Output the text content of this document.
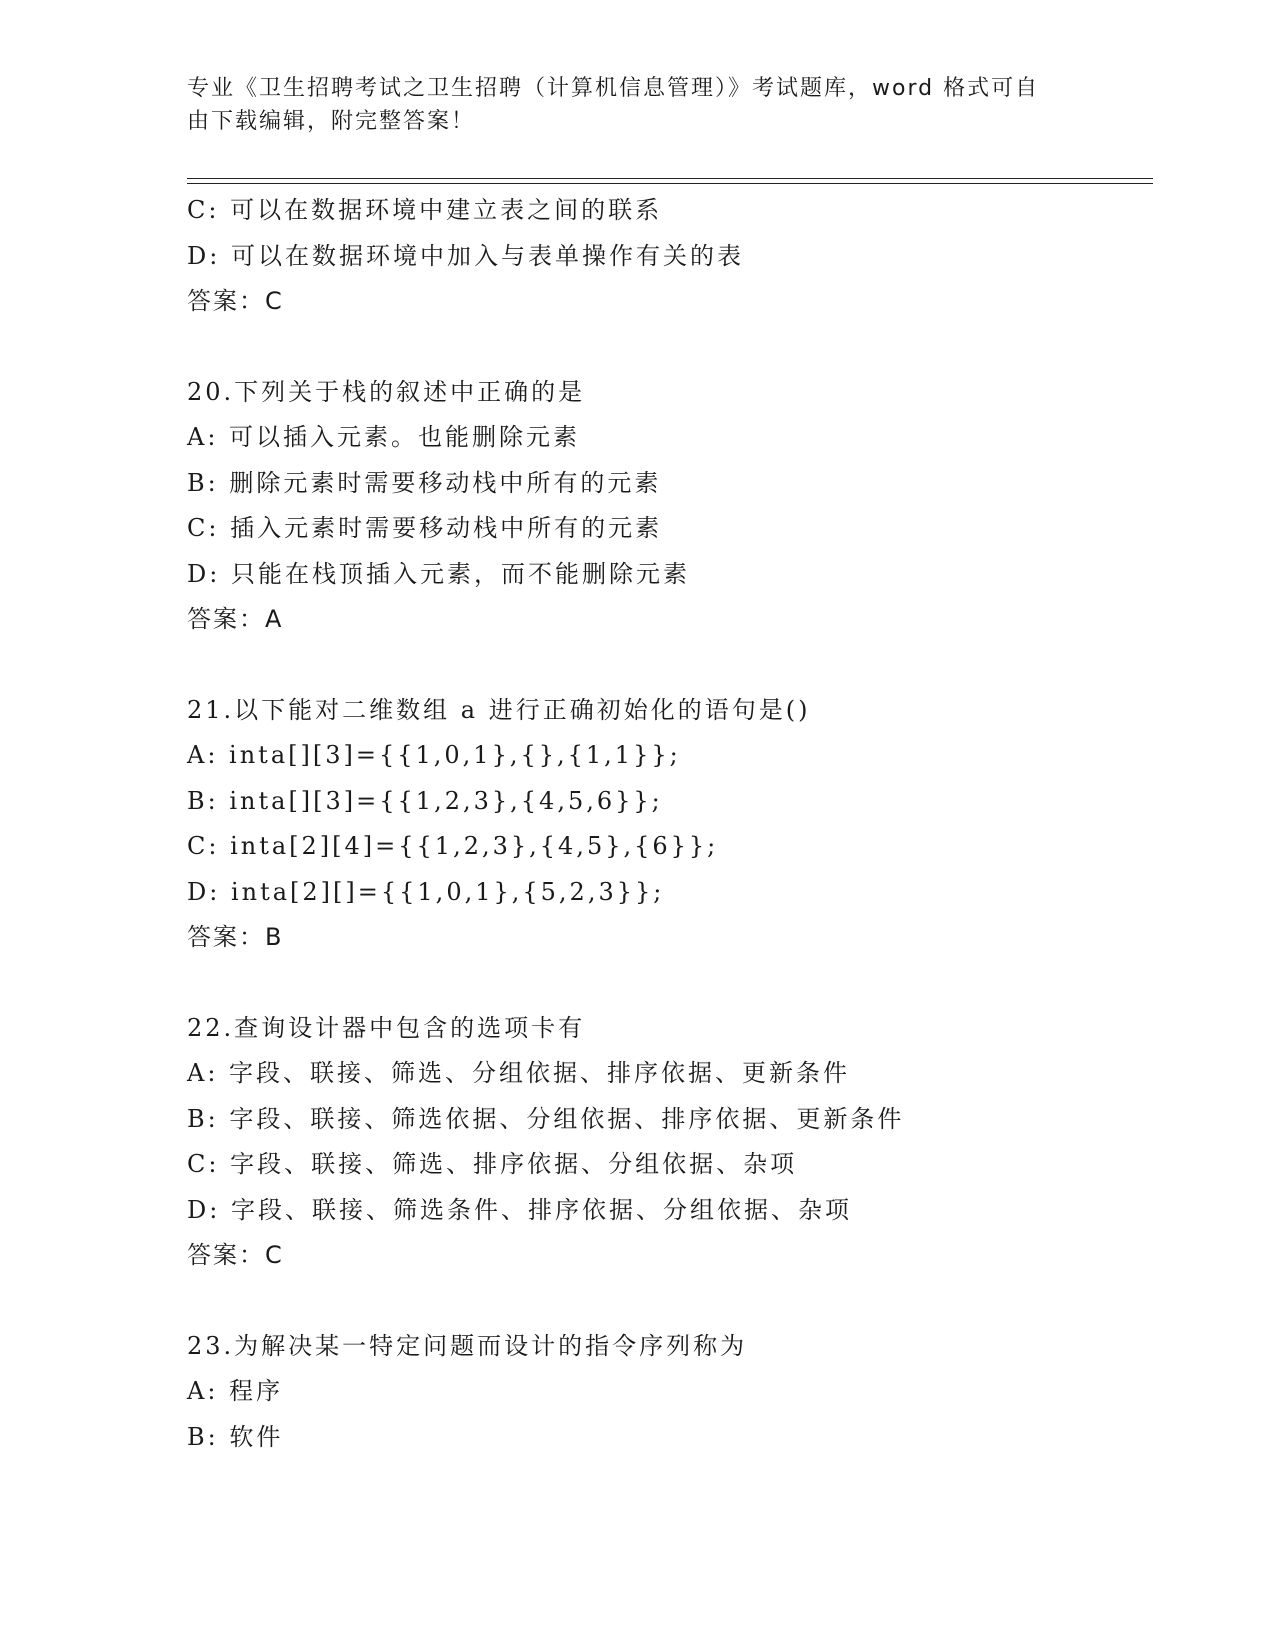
专业《卫生招聘考试之卫生招聘（计算机信息管理）》考试题库，word 格式可自
由下载编辑，附完整答案！
C: 可以在数据环境中建立表之间的联系
D: 可以在数据环境中加入与表单操作有关的表
答案：C
20.下列关于栈的叙述中正确的是
A: 可以插入元素。也能删除元素
B: 删除元素时需要移动栈中所有的元素
C: 插入元素时需要移动栈中所有的元素
D: 只能在栈顶插入元素，而不能删除元素
答案：A
21.以下能对二维数组 a 进行正确初始化的语句是()
A: inta[][3]={{1,0,1},{},{1,1}};
B: inta[][3]={{1,2,3},{4,5,6}};
C: inta[2][4]={{1,2,3},{4,5},{6}};
D: inta[2][]={{1,0,1},{5,2,3}};
答案：B
22.查询设计器中包含的选项卡有
A: 字段、联接、筛选、分组依据、排序依据、更新条件
B: 字段、联接、筛选依据、分组依据、排序依据、更新条件
C: 字段、联接、筛选、排序依据、分组依据、杂项
D: 字段、联接、筛选条件、排序依据、分组依据、杂项
答案：C
23.为解决某一特定问题而设计的指令序列称为
A: 程序
B: 软件
